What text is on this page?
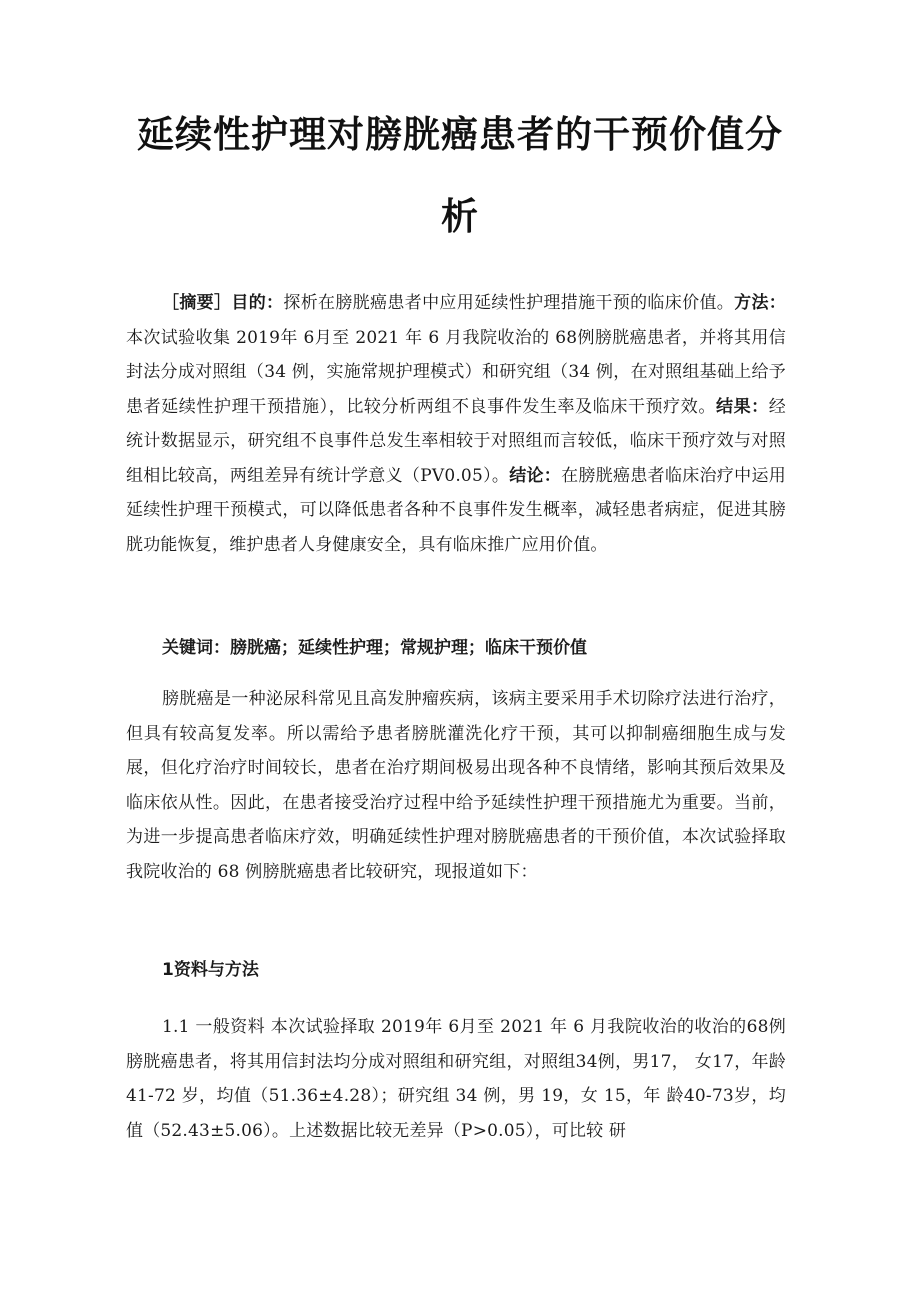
延续性护理对膀胱癌患者的干预价值分
析
［摘要］目的：探析在膀胱癌患者中应用延续性护理措施干预的临床价值。方法：本次试验收集 2019年 6月至 2021 年 6 月我院收治的 68例膀胱癌患者，并将其用信封法分成对照组（34 例，实施常规护理模式）和研究组（34 例，在对照组基础上给予患者延续性护理干预措施），比较分析两组不良事件发生率及临床干预疗效。结果：经统计数据显示，研究组不良事件总发生率相较于对照组而言较低，临床干预疗效与对照组相比较高，两组差异有统计学意义（PV0.05）。结论：在膀胱癌患者临床治疗中运用延续性护理干预模式，可以降低患者各种不良事件发生概率，减轻患者病症，促进其膀胱功能恢复，维护患者人身健康安全，具有临床推广应用价值。
关键词：膀胱癌；延续性护理；常规护理；临床干预价值
膀胱癌是一种泌尿科常见且高发肿瘤疾病，该病主要采用手术切除疗法进行治疗，但具有较高复发率。所以需给予患者膀胱灌洗化疗干预，其可以抑制癌细胞生成与发展，但化疗治疗时间较长，患者在治疗期间极易出现各种不良情绪，影响其预后效果及临床依从性。因此，在患者接受治疗过程中给予延续性护理干预措施尤为重要。当前，为进一步提高患者临床疗效，明确延续性护理对膀胱癌患者的干预价值，本次试验择取我院收治的 68 例膀胱癌患者比较研究，现报道如下：
1资料与方法
1.1 一般资料 本次试验择取 2019年 6月至 2021 年 6 月我院收治的收治的68例膀胱癌患者，将其用信封法均分成对照组和研究组，对照组34例，男17， 女17，年龄41-72 岁，均值（51.36±4.28）；研究组 34 例，男 19，女 15，年 龄40-73岁，均值（52.43±5.06）。上述数据比较无差异（P>0.05），可比较 研
